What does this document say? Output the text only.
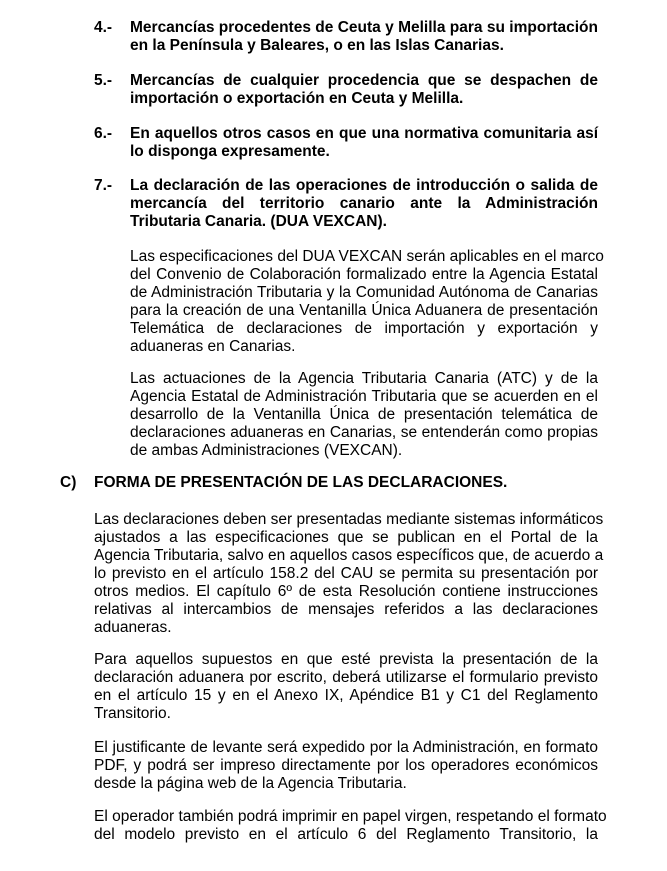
4.-	Mercancías procedentes de Ceuta y Melilla para su importación
en la Península y Baleares, o en las Islas Canarias.
5.-	Mercancías de cualquier procedencia que se despachen de
importación o exportación en Ceuta y Melilla.
6.-	En aquellos otros casos en que una normativa comunitaria así
lo disponga expresamente.
7.-	La declaración de las operaciones de introducción o salida de
mercancía del territorio canario ante la Administración
Tributaria Canaria. (DUA VEXCAN).
Las especificaciones del DUA VEXCAN serán aplicables en el marco
del Convenio de Colaboración formalizado entre la Agencia Estatal
de Administración Tributaria y la Comunidad Autónoma de Canarias
para la creación de una Ventanilla Única Aduanera de presentación
Telemática de declaraciones de importación y exportación y
aduaneras en Canarias.
Las actuaciones de la Agencia Tributaria Canaria (ATC) y de la
Agencia Estatal de Administración Tributaria que se acuerden en el
desarrollo de la Ventanilla Única de presentación telemática de
declaraciones aduaneras en Canarias, se entenderán como propias
de ambas Administraciones (VEXCAN).
C)	FORMA DE PRESENTACIÓN DE LAS DECLARACIONES.
Las declaraciones deben ser presentadas mediante sistemas informáticos
ajustados a las especificaciones que se publican en el Portal de la
Agencia Tributaria, salvo en aquellos casos específicos que, de acuerdo a
lo previsto en el artículo 158.2 del CAU se permita su presentación por
otros medios. El capítulo 6º de esta Resolución contiene instrucciones
relativas al intercambios de mensajes referidos a las declaraciones
aduaneras.
Para aquellos supuestos en que esté prevista la presentación de la
declaración aduanera por escrito, deberá utilizarse el formulario previsto
en el artículo 15 y en el Anexo IX, Apéndice B1 y C1 del Reglamento
Transitorio.
El justificante de levante será expedido por la Administración, en formato
PDF, y podrá ser impreso directamente por los operadores económicos
desde la página web de la Agencia Tributaria.
El operador también podrá imprimir en papel virgen, respetando el formato
del modelo previsto en el artículo 6 del Reglamento Transitorio, la
